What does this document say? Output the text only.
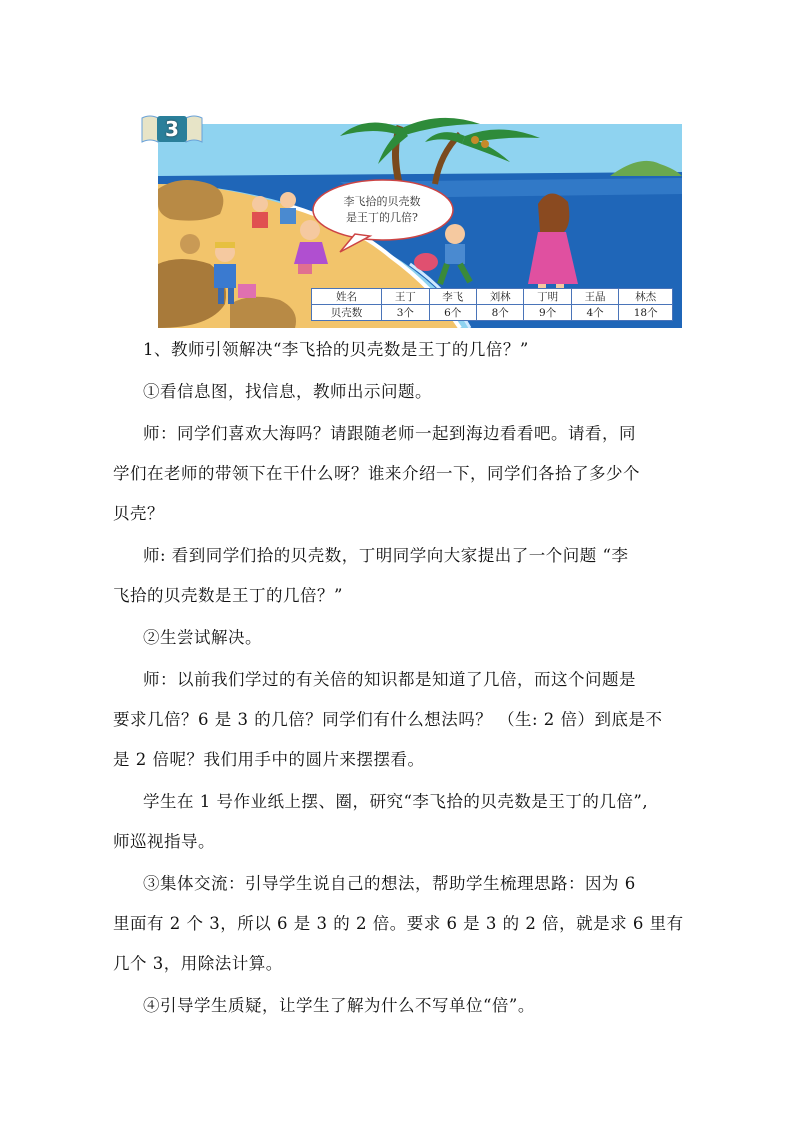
3
李飞拾的贝壳数
是王丁的几倍?
姓名	王丁	李飞	刘林	丁明	王晶	林杰
贝壳数	3个	6个	8个	9个	4个	18个
1、教师引领解决“李飞拾的贝壳数是王丁的几倍？”
①看信息图，找信息，教师出示问题。
师：同学们喜欢大海吗？请跟随老师一起到海边看看吧。请看，同
学们在老师的带领下在干什么呀？谁来介绍一下，同学们各拾了多少个
贝壳？
师: 看到同学们拾的贝壳数，丁明同学向大家提出了一个问题 “李
飞拾的贝壳数是王丁的几倍？”
②生尝试解决。
师：以前我们学过的有关倍的知识都是知道了几倍，而这个问题是
要求几倍？6 是 3 的几倍？同学们有什么想法吗？ （生: 2 倍）到底是不
是 2 倍呢？我们用手中的圆片来摆摆看。
学生在 1 号作业纸上摆、圈，研究“李飞拾的贝壳数是王丁的几倍”,
师巡视指导。
③集体交流：引导学生说自己的想法，帮助学生梳理思路：因为 6
里面有 2 个 3，所以 6 是 3 的 2 倍。要求 6 是 3 的 2 倍，就是求 6 里有
几个 3，用除法计算。
④引导学生质疑，让学生了解为什么不写单位“倍”。
